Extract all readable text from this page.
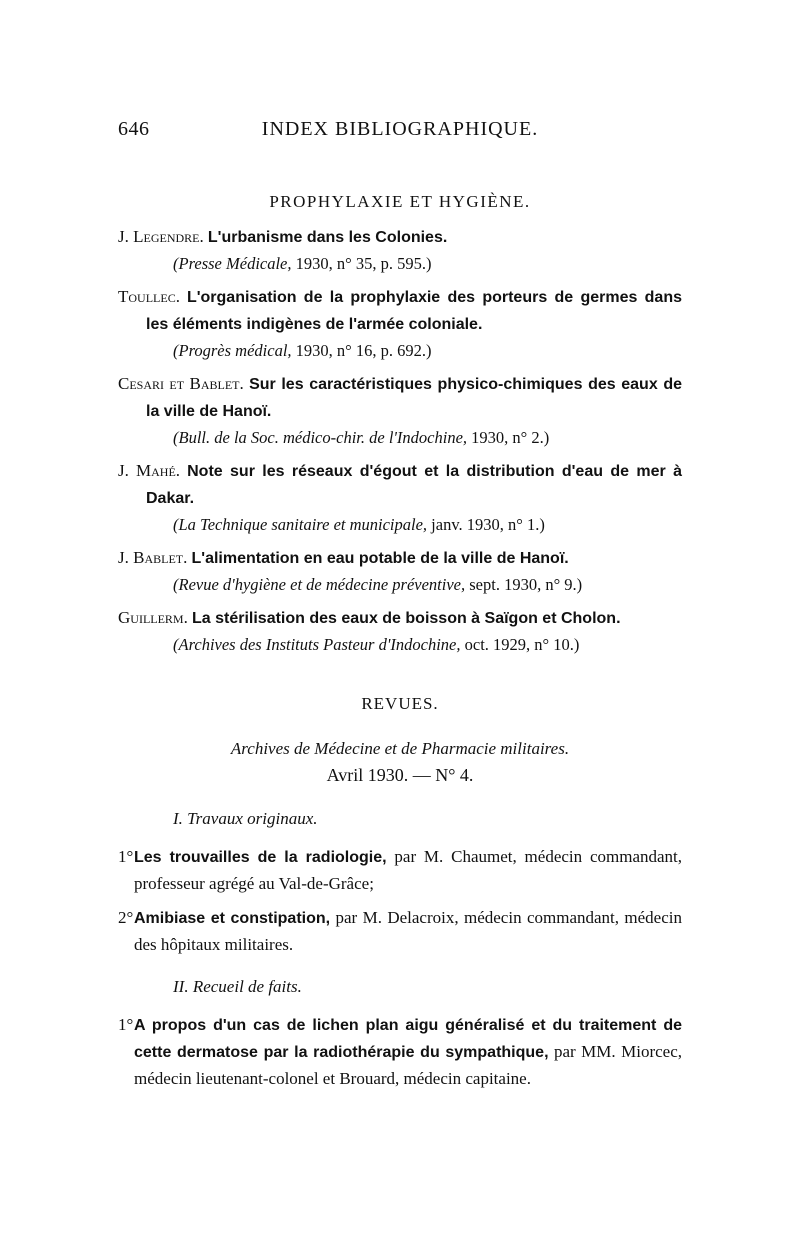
646	INDEX BIBLIOGRAPHIQUE.
PROPHYLAXIE ET HYGIÈNE.
J. Legendre. L'urbanisme dans les Colonies.
(Presse Médicale, 1930, n° 35, p. 595.)
Toullec. L'organisation de la prophylaxie des porteurs de germes dans les éléments indigènes de l'armée coloniale.
(Progrès médical, 1930, n° 16, p. 692.)
Cesari et Bablet. Sur les caractéristiques physico-chimiques des eaux de la ville de Hanoï.
(Bull. de la Soc. médico-chir. de l'Indochine, 1930, n° 2.)
J. Mahé. Note sur les réseaux d'égout et la distribution d'eau de mer à Dakar.
(La Technique sanitaire et municipale, janv. 1930, n° 1.)
J. Bablet. L'alimentation en eau potable de la ville de Hanoï.
(Revue d'hygiène et de médecine préventive, sept. 1930, n° 9.)
Guillerm. La stérilisation des eaux de boisson à Saïgon et Cholon.
(Archives des Instituts Pasteur d'Indochine, oct. 1929, n° 10.)
REVUES.
Archives de Médecine et de Pharmacie militaires.
Avril 1930. — N° 4.
I. Travaux originaux.
1°Les trouvailles de la radiologie, par M. Chaumet, médecin commandant, professeur agrégé au Val-de-Grâce;
2°Amibiase et constipation, par M. Delacroix, médecin commandant, médecin des hôpitaux militaires.
II. Recueil de faits.
1°A propos d'un cas de lichen plan aigu généralisé et du traitement de cette dermatose par la radiothérapie du sympathique, par MM. Miorcec, médecin lieutenant-colonel et Brouard, médecin capitaine.
